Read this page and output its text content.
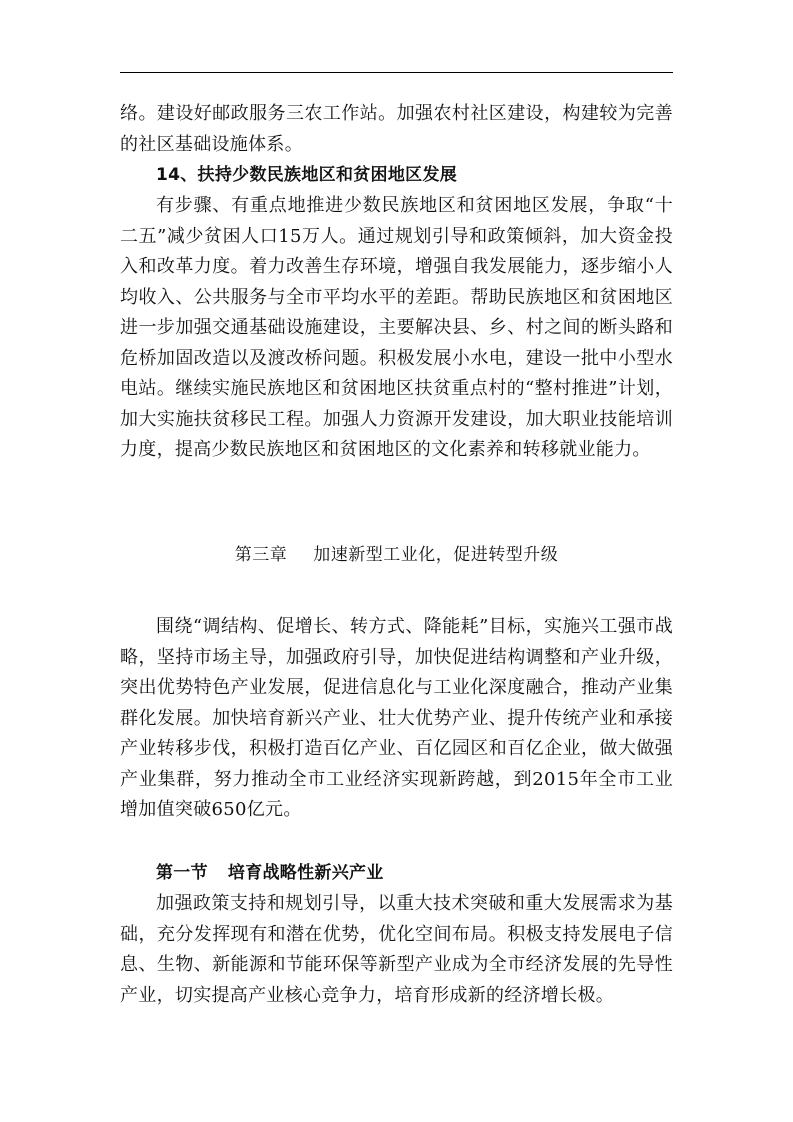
络。建设好邮政服务三农工作站。加强农村社区建设，构建较为完善的社区基础设施体系。

14、扶持少数民族地区和贫困地区发展

有步骤、有重点地推进少数民族地区和贫困地区发展，争取“十二五”减少贫困人口15万人。通过规划引导和政策倾斜，加大资金投入和改革力度。着力改善生存环境，增强自我发展能力，逐步缩小人均收入、公共服务与全市平均水平的差距。帮助民族地区和贫困地区进一步加强交通基础设施建设，主要解决县、乡、村之间的断头路和危桥加固改造以及渡改桥问题。积极发展小水电，建设一批中小型水电站。继续实施民族地区和贫困地区扶贫重点村的“整村推进”计划，加大实施扶贫移民工程。加强人力资源开发建设，加大职业技能培训力度，提高少数民族地区和贫困地区的文化素养和转移就业能力。

第三章 加速新型工业化，促进转型升级

围绕“调结构、促增长、转方式、降能耗”目标，实施兴工强市战略，坚持市场主导，加强政府引导，加快促进结构调整和产业升级，突出优势特色产业发展，促进信息化与工业化深度融合，推动产业集群化发展。加快培育新兴产业、壮大优势产业、提升传统产业和承接产业转移步伐，积极打造百亿产业、百亿园区和百亿企业，做大做强产业集群，努力推动全市工业经济实现新跨越，到2015年全市工业增加值突破650亿元。

第一节 培育战略性新兴产业

加强政策支持和规划引导，以重大技术突破和重大发展需求为基础，充分发挥现有和潜在优势，优化空间布局。积极支持发展电子信息、生物、新能源和节能环保等新型产业成为全市经济发展的先导性产业，切实提高产业核心竞争力，培育形成新的经济增长极。
